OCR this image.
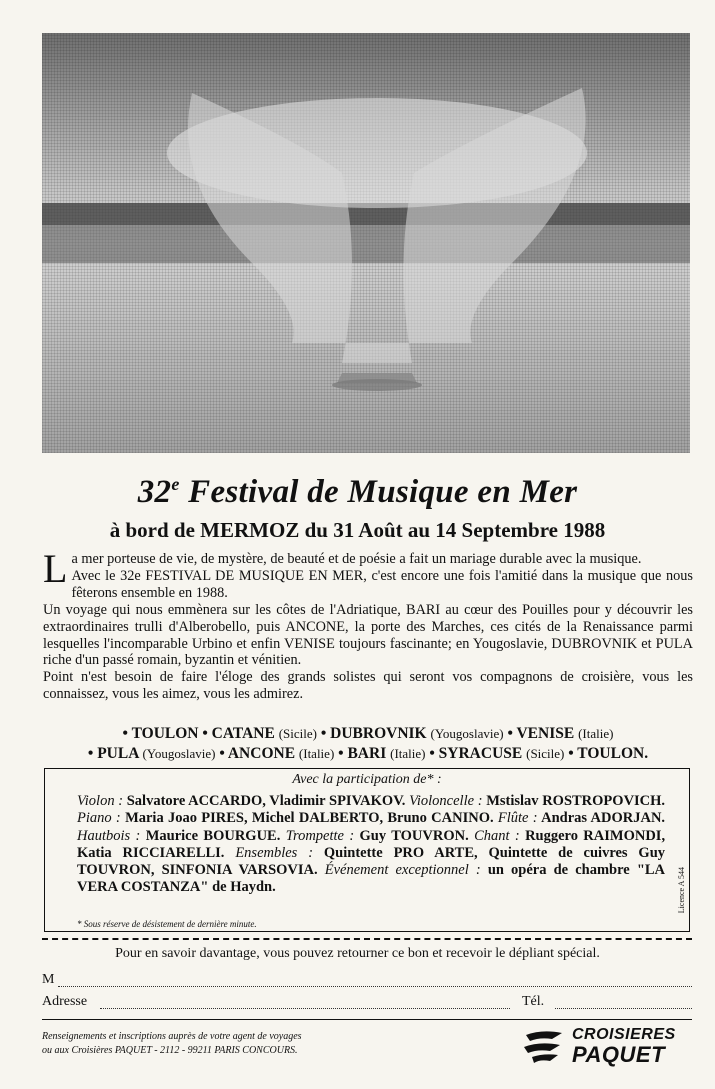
32e Festival de Musique en Mer
à bord de MERMOZ du 31 Août au 14 Septembre 1988

La mer porteuse de vie, de mystère, de beauté et de poésie a fait un mariage durable avec la musique.

Avec le 32e FESTIVAL DE MUSIQUE EN MER, c'est encore une fois l'amitié dans la musique que nous fêterons ensemble en 1988.

Un voyage qui nous emmènera sur les côtes de l'Adriatique, BARI au cœur des Pouilles pour y découvrir les extraordinaires trulli d'Alberobello, puis ANCONE, la porte des Marches, ces cités de la Renaissance parmi lesquelles l'incomparable Urbino et enfin VENISE toujours fascinante; en Yougoslavie, DUBROVNIK et PULA riche d'un passé romain, byzantin et vénitien.

Point n'est besoin de faire l'éloge des grands solistes qui seront vos compagnons de croisière, vous les connaissez, vous les aimez, vous les admirez.

• TOULON • CATANE (Sicile) • DUBROVNIK (Yougoslavie) • VENISE (Italie)
• PULA (Yougoslavie) • ANCONE (Italie) • BARI (Italie) • SYRACUSE (Sicile) • TOULON.
Avec la participation de* :
Violon : Salvatore ACCARDO, Vladimir SPIVAKOV. Violoncelle : Mstislav ROSTROPOVICH. Piano : Maria Joao PIRES, Michel DALBERTO, Bruno CANINO. Flûte : Andras ADORJAN. Hautbois : Maurice BOURGUE. Trompette : Guy TOUVRON. Chant : Ruggero RAIMONDI, Katia RICCIARELLI. Ensembles : Quintette PRO ARTE, Quintette de cuivres Guy TOUVRON, SINFONIA VARSOVIA. Événement exceptionnel : un opéra de chambre "LA VERA COSTANZA" de Haydn.
* Sous réserve de désistement de dernière minute.
Licence A 544
Pour en savoir davantage, vous pouvez retourner ce bon et recevoir le dépliant spécial.
M
Adresse	Tél.
Renseignements et inscriptions auprès de votre agent de voyages
ou aux Croisières PAQUET - 2112 - 99211 PARIS CONCOURS.
CROISIERES
PAQUET
